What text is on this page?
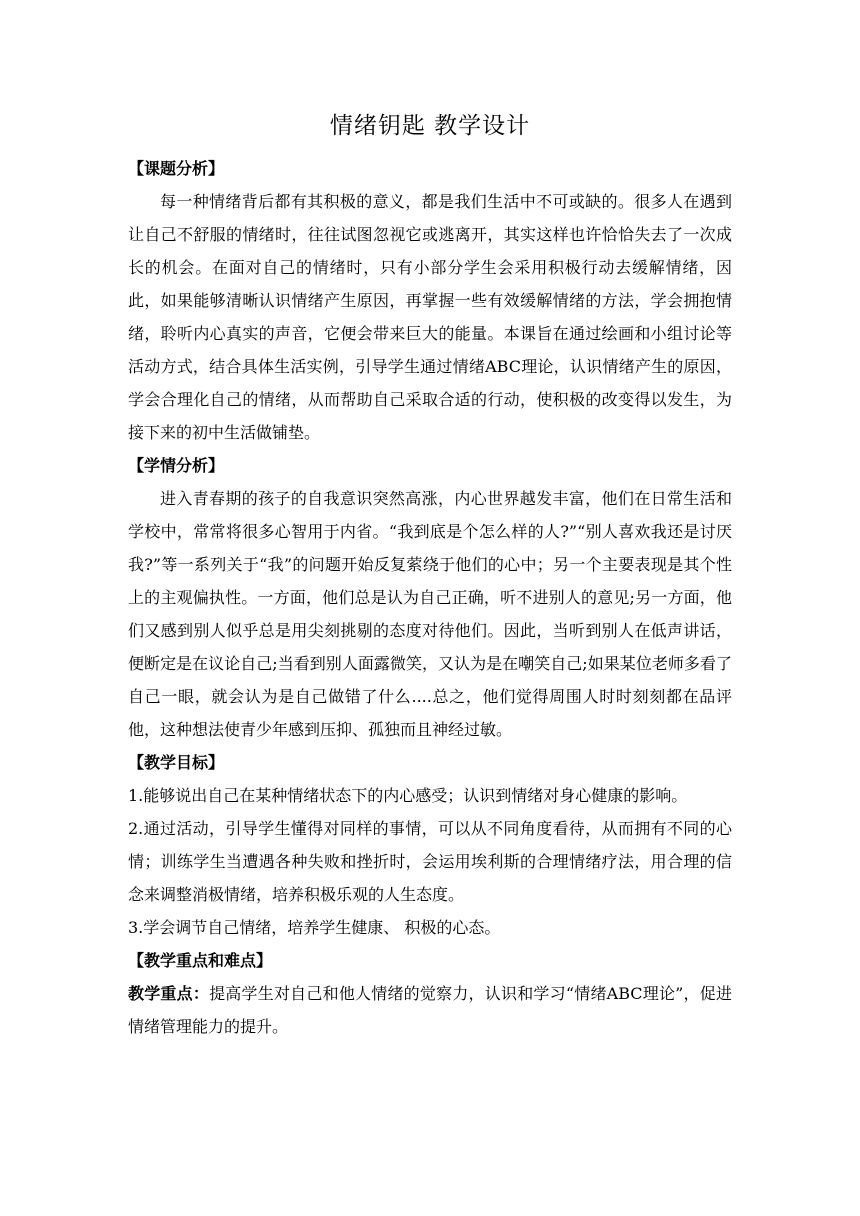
情绪钥匙 教学设计

【课题分析】

每一种情绪背后都有其积极的意义，都是我们生活中不可或缺的。很多人在遇到让自己不舒服的情绪时，往往试图忽视它或逃离开，其实这样也许恰恰失去了一次成长的机会。在面对自己的情绪时，只有小部分学生会采用积极行动去缓解情绪，因此，如果能够清晰认识情绪产生原因，再掌握一些有效缓解情绪的方法，学会拥抱情绪，聆听内心真实的声音，它便会带来巨大的能量。本课旨在通过绘画和小组讨论等活动方式，结合具体生活实例，引导学生通过情绪ABC理论，认识情绪产生的原因，学会合理化自己的情绪，从而帮助自己采取合适的行动，使积极的改变得以发生，为接下来的初中生活做铺垫。

【学情分析】

进入青春期的孩子的自我意识突然高涨，内心世界越发丰富，他们在日常生活和学校中，常常将很多心智用于内省。“我到底是个怎么样的人?”“别人喜欢我还是讨厌我?”等一系列关于“我”的问题开始反复萦绕于他们的心中；另一个主要表现是其个性上的主观偏执性。一方面，他们总是认为自己正确，听不进别人的意见;另一方面，他们又感到别人似乎总是用尖刻挑剔的态度对待他们。因此，当听到别人在低声讲话，便断定是在议论自己;当看到别人面露微笑，又认为是在嘲笑自己;如果某位老师多看了自己一眼，就会认为是自己做错了什么....总之，他们觉得周围人时时刻刻都在品评他，这种想法使青少年感到压抑、孤独而且神经过敏。

【教学目标】

1.能够说出自己在某种情绪状态下的内心感受；认识到情绪对身心健康的影响。

2.通过活动，引导学生懂得对同样的事情，可以从不同角度看待，从而拥有不同的心情；训练学生当遭遇各种失败和挫折时，会运用埃利斯的合理情绪疗法，用合理的信念来调整消极情绪，培养积极乐观的人生态度。

3.学会调节自己情绪，培养学生健康、 积极的心态。

【教学重点和难点】

教学重点：提高学生对自己和他人情绪的觉察力，认识和学习“情绪ABC理论”，促进情绪管理能力的提升。
